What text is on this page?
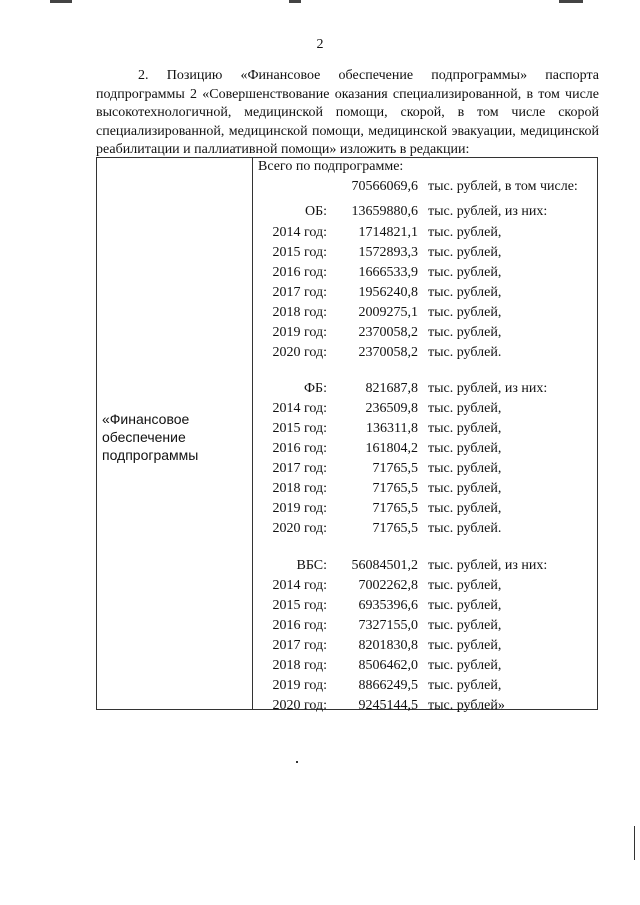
2

2. Позицию «Финансовое обеспечение подпрограммы» паспорта подпрограммы 2 «Совершенствование оказания специализированной, в том числе высокотехнологичной, медицинской помощи, скорой, в том числе скорой специализированной, медицинской помощи, медицинской эвакуации, медицинской реабилитации и паллиативной помощи» изложить в редакции:

«Финансовое обеспечение подпрограммы
Всего по подпрограмме:
70566069,6 тыс. рублей, в том числе:
ОБ:	13659880,6 тыс. рублей, из них:
2014 год:	1714821,1 тыс. рублей,
2015 год:	1572893,3 тыс. рублей,
2016 год:	1666533,9 тыс. рублей,
2017 год:	1956240,8 тыс. рублей,
2018 год:	2009275,1 тыс. рублей,
2019 год:	2370058,2 тыс. рублей,
2020 год:	2370058,2 тыс. рублей.
ФБ:	821687,8 тыс. рублей, из них:
2014 год:	236509,8 тыс. рублей,
2015 год:	136311,8 тыс. рублей,
2016 год:	161804,2 тыс. рублей,
2017 год:	71765,5 тыс. рублей,
2018 год:	71765,5 тыс. рублей,
2019 год:	71765,5 тыс. рублей,
2020 год:	71765,5 тыс. рублей.
ВБС:	56084501,2 тыс. рублей, из них:
2014 год:	7002262,8 тыс. рублей,
2015 год:	6935396,6 тыс. рублей,
2016 год:	7327155,0 тыс. рублей,
2017 год:	8201830,8 тыс. рублей,
2018 год:	8506462,0 тыс. рублей,
2019 год:	8866249,5 тыс. рублей,
2020 год:	9245144,5 тыс. рублей»
